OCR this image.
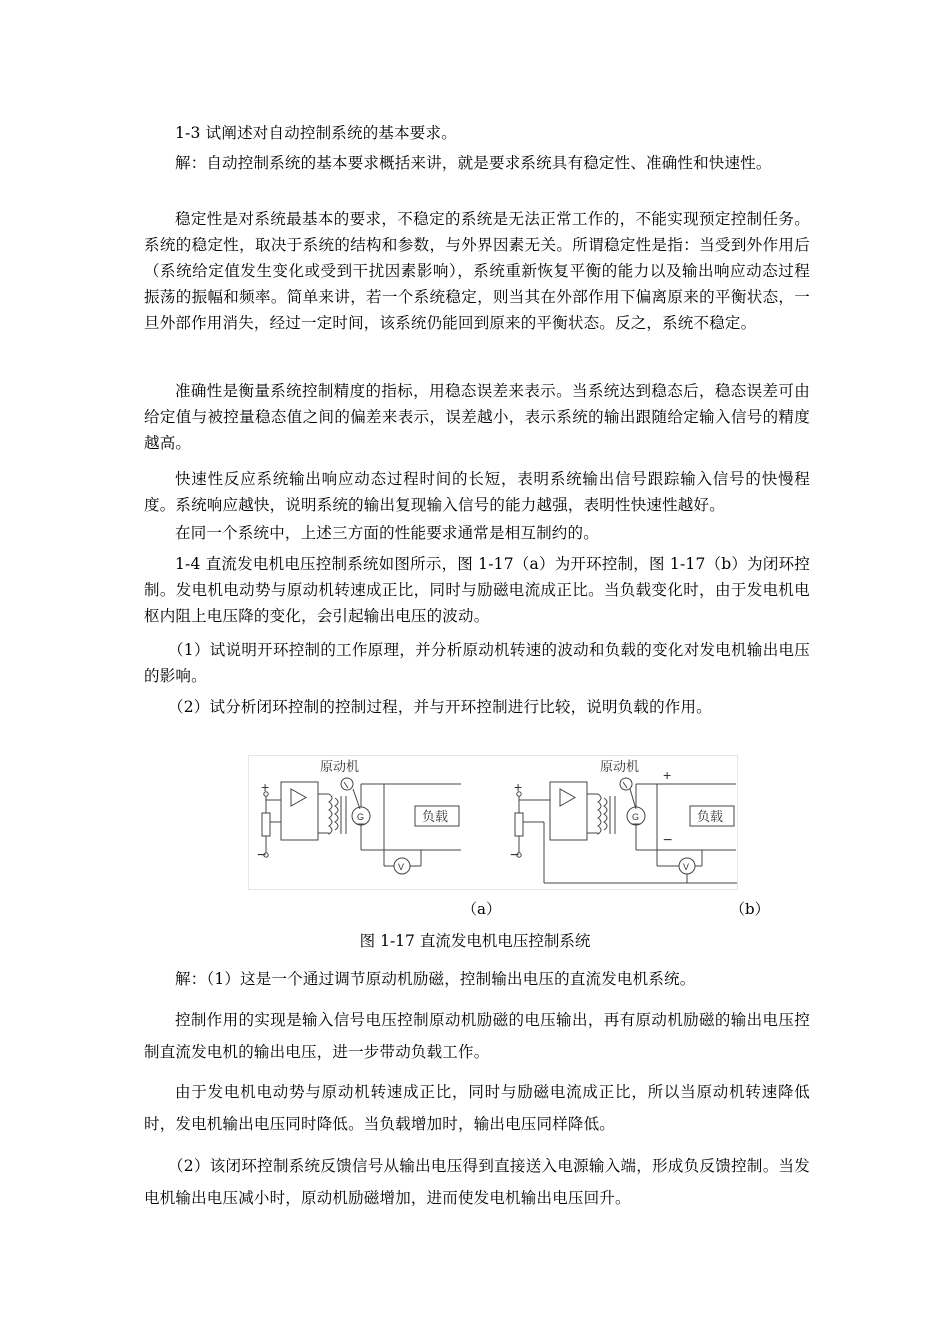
1-3 试阐述对自动控制系统的基本要求。

解：自动控制系统的基本要求概括来讲，就是要求系统具有稳定性、准确性和快速性。

稳定性是对系统最基本的要求，不稳定的系统是无法正常工作的，不能实现预定控制任务。系统的稳定性，取决于系统的结构和参数，与外界因素无关。所谓稳定性是指：当受到外作用后（系统给定值发生变化或受到干扰因素影响），系统重新恢复平衡的能力以及输出响应动态过程振荡的振幅和频率。简单来讲，若一个系统稳定，则当其在外部作用下偏离原来的平衡状态，一旦外部作用消失，经过一定时间，该系统仍能回到原来的平衡状态。反之，系统不稳定。

准确性是衡量系统控制精度的指标，用稳态误差来表示。当系统达到稳态后，稳态误差可由给定值与被控量稳态值之间的偏差来表示，误差越小，表示系统的输出跟随给定输入信号的精度越高。

快速性反应系统输出响应动态过程时间的长短，表明系统输出信号跟踪输入信号的快慢程度。系统响应越快，说明系统的输出复现输入信号的能力越强，表明性快速性越好。

在同一个系统中，上述三方面的性能要求通常是相互制约的。

1-4 直流发电机电压控制系统如图所示，图 1-17（a）为开环控制，图 1-17（b）为闭环控制。发电机电动势与原动机转速成正比，同时与励磁电流成正比。当负载变化时，由于发电机电枢内阻上电压降的变化，会引起输出电压的波动。

（1）试说明开环控制的工作原理，并分析原动机转速的波动和负载的变化对发电机输出电压的影响。

（2）试分析闭环控制的控制过程，并与开环控制进行比较，说明负载的作用。

+
−
原动机
G	负载
V
+
−
原动机
G
+
−
负载
V
（a）	（b）
图 1-17 直流发电机电压控制系统

解：（1）这是一个通过调节原动机励磁，控制输出电压的直流发电机系统。

控制作用的实现是输入信号电压控制原动机励磁的电压输出，再有原动机励磁的输出电压控制直流发电机的输出电压，进一步带动负载工作。

由于发电机电动势与原动机转速成正比，同时与励磁电流成正比，所以当原动机转速降低时，发电机输出电压同时降低。当负载增加时，输出电压同样降低。

（2）该闭环控制系统反馈信号从输出电压得到直接送入电源输入端，形成负反馈控制。当发电机输出电压减小时，原动机励磁增加，进而使发电机输出电压回升。
